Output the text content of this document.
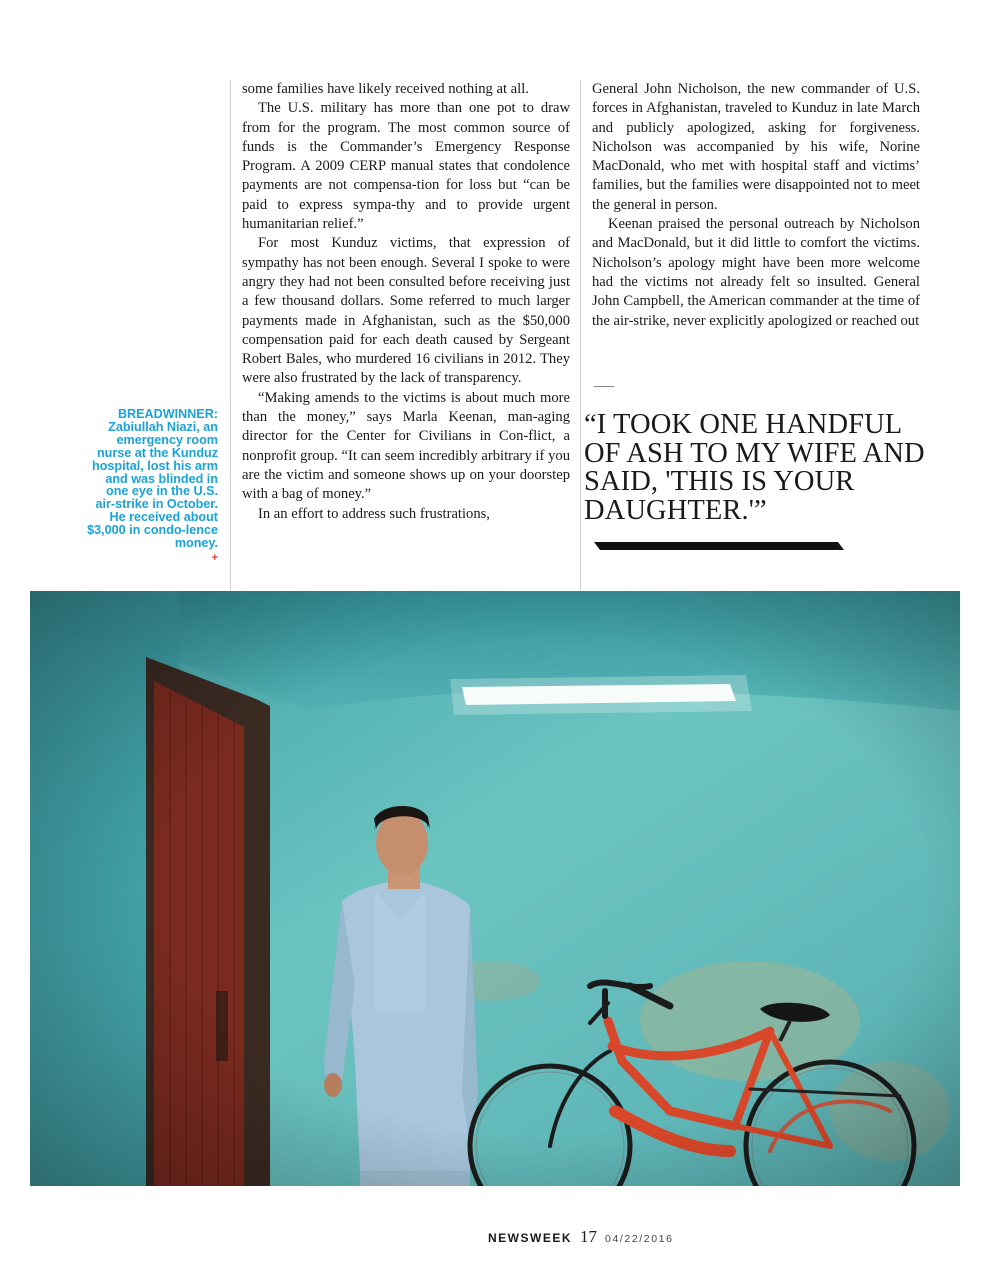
BREADWINNER:
Zabiullah Niazi, an emergency room nurse at the Kunduz hospital, lost his arm and was blinded in one eye in the U.S. air-strike in October. He received about $3,000 in condo-lence money.
+

some families have likely received nothing at all.

The U.S. military has more than one pot to draw from for the program. The most common source of funds is the Commander’s Emergency Response Program. A 2009 CERP manual states that condolence payments are not compensa-tion for loss but “can be paid to express sympa-thy and to provide urgent humanitarian relief.”

For most Kunduz victims, that expression of sympathy has not been enough. Several I spoke to were angry they had not been consulted before receiving just a few thousand dollars. Some referred to much larger payments made in Afghanistan, such as the $50,000 compensation paid for each death caused by Sergeant Robert Bales, who murdered 16 civilians in 2012. They were also frustrated by the lack of transparency.

“Making amends to the victims is about much more than the money,” says Marla Keenan, man-aging director for the Center for Civilians in Con-flict, a nonprofit group. “It can seem incredibly arbitrary if you are the victim and someone shows up on your doorstep with a bag of money.”

In an effort to address such frustrations,

General John Nicholson, the new commander of U.S. forces in Afghanistan, traveled to Kunduz in late March and publicly apologized, asking for forgiveness. Nicholson was accompanied by his wife, Norine MacDonald, who met with hospital staff and victims’ families, but the families were disappointed not to meet the general in person.

Keenan praised the personal outreach by Nicholson and MacDonald, but it did little to comfort the victims. Nicholson’s apology might have been more welcome had the victims not already felt so insulted. General John Campbell, the American commander at the time of the air-strike, never explicitly apologized or reached out

“I TOOK ONE HANDFUL OF ASH TO MY WIFE AND SAID, 'THIS IS YOUR DAUGHTER.'”
NEWSWEEK 17 04/22/2016
